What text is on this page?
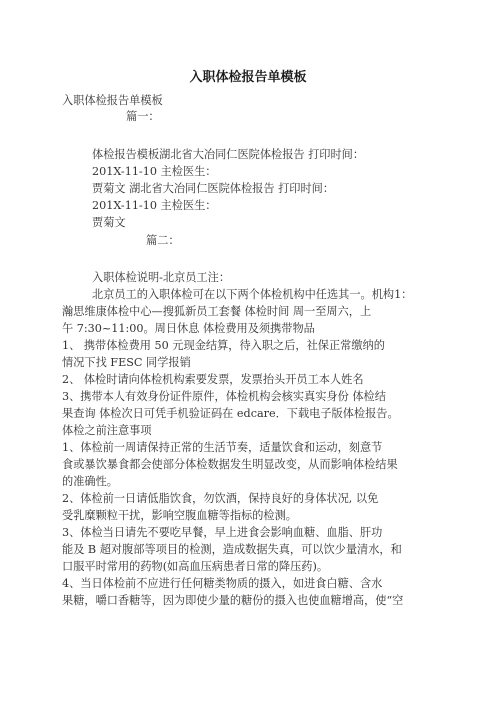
入职体检报告单模板
入职体检报告单模板
篇一：
体检报告模板湖北省大冶同仁医院体检报告 打印时间：
201X-11-10 主检医生：
贾菊文 湖北省大冶同仁医院体检报告 打印时间：
201X-11-10 主检医生：
贾菊文
篇二：
入职体检说明-北京员工注：
北京员工的入职体检可在以下两个体检机构中任选其一。机构1：
瀚思维康体检中心—搜狐新员工套餐 体检时间 周一至周六，上
午 7:30~11:00。周日休息 体检费用及须携带物品
1、 携带体检费用 50 元现金结算，待入职之后，社保正常缴纳的
情况下找 FESC 同学报销
2、 体检时请向体检机构索要发票，发票抬头开员工本人姓名
3、携带本人有效身份证件原件，体检机构会核实真实身份 体检结
果查询 体检次日可凭手机验证码在 edcare．下载电子版体检报告。
体检之前注意事项
1、体检前一周请保持正常的生活节奏，适量饮食和运动，刻意节
食或暴饮暴食都会使部分体检数据发生明显改变，从而影响体检结果
的准确性。
2、体检前一日请低脂饮食，勿饮酒，保持良好的身体状况, 以免
受乳糜颗粒干扰，影响空腹血糖等指标的检测。
3、体检当日请先不要吃早餐，早上进食会影响血糖、血脂、肝功
能及 B 超对腹部等项目的检测，造成数据失真，可以饮少量清水，和
口服平时常用的药物(如高血压病患者日常的降压药)。
4、当日体检前不应进行任何糖类物质的摄入，如进食白糖、含水
果糖，嚼口香糖等，因为即使少量的糖份的摄入也使血糖增高，使“空
